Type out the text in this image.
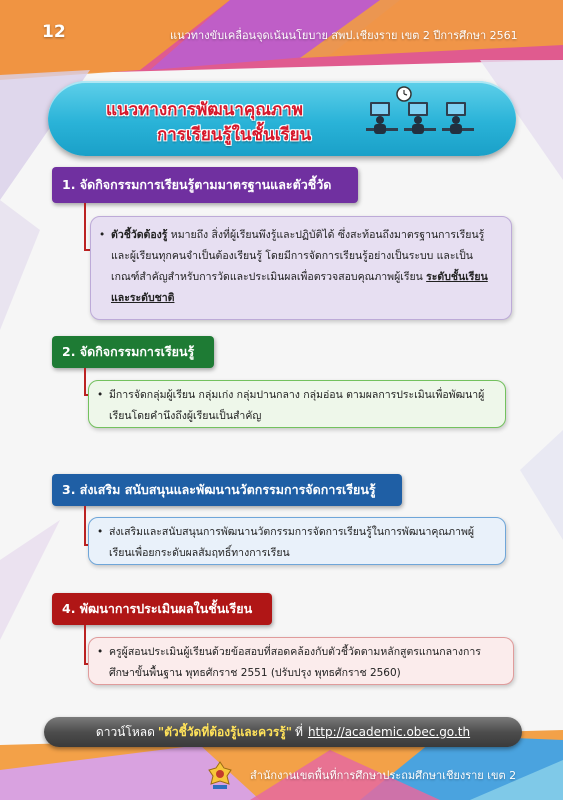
12	แนวทางขับเคลื่อนจุดเน้นนโยบาย สพป.เชียงราย เขต 2 ปีการศึกษา 2561
แนวทางการพัฒนาคุณภาพ
การเรียนรู้ในชั้นเรียน
1. จัดกิจกรรมการเรียนรู้ตามมาตรฐานและตัวชี้วัด
• ตัวชี้วัดต้องรู้ หมายถึง สิ่งที่ผู้เรียนพึงรู้และปฏิบัติได้ ซึ่งสะท้อนถึงมาตรฐานการเรียนรู้ และผู้เรียนทุกคนจำเป็นต้องเรียนรู้ โดยมีการจัดการเรียนรู้อย่างเป็นระบบ และเป็นเกณฑ์สำคัญสำหรับการวัดและประเมินผลเพื่อตรวจสอบคุณภาพผู้เรียน ระดับชั้นเรียน และระดับชาติ
2. จัดกิจกรรมการเรียนรู้
• มีการจัดกลุ่มผู้เรียน กลุ่มเก่ง กลุ่มปานกลาง กลุ่มอ่อน ตามผลการประเมินเพื่อพัฒนาผู้เรียนโดยคำนึงถึงผู้เรียนเป็นสำคัญ
3. ส่งเสริม สนับสนุนและพัฒนานวัตกรรมการจัดการเรียนรู้
• ส่งเสริมและสนับสนุนการพัฒนานวัตกรรมการจัดการเรียนรู้ในการพัฒนาคุณภาพผู้เรียนเพื่อยกระดับผลสัมฤทธิ์ทางการเรียน
4. พัฒนาการประเมินผลในชั้นเรียน
• ครูผู้สอนประเมินผู้เรียนด้วยข้อสอบที่สอดคล้องกับตัวชี้วัดตามหลักสูตรแกนกลางการศึกษาขั้นพื้นฐาน พุทธศักราช 2551 (ปรับปรุง พุทธศักราช 2560)
ดาวน์โหลด "ตัวชี้วัดที่ต้องรู้และควรรู้" ที่ http://academic.obec.go.th
สำนักงานเขตพื้นที่การศึกษาประถมศึกษาเชียงราย เขต 2
